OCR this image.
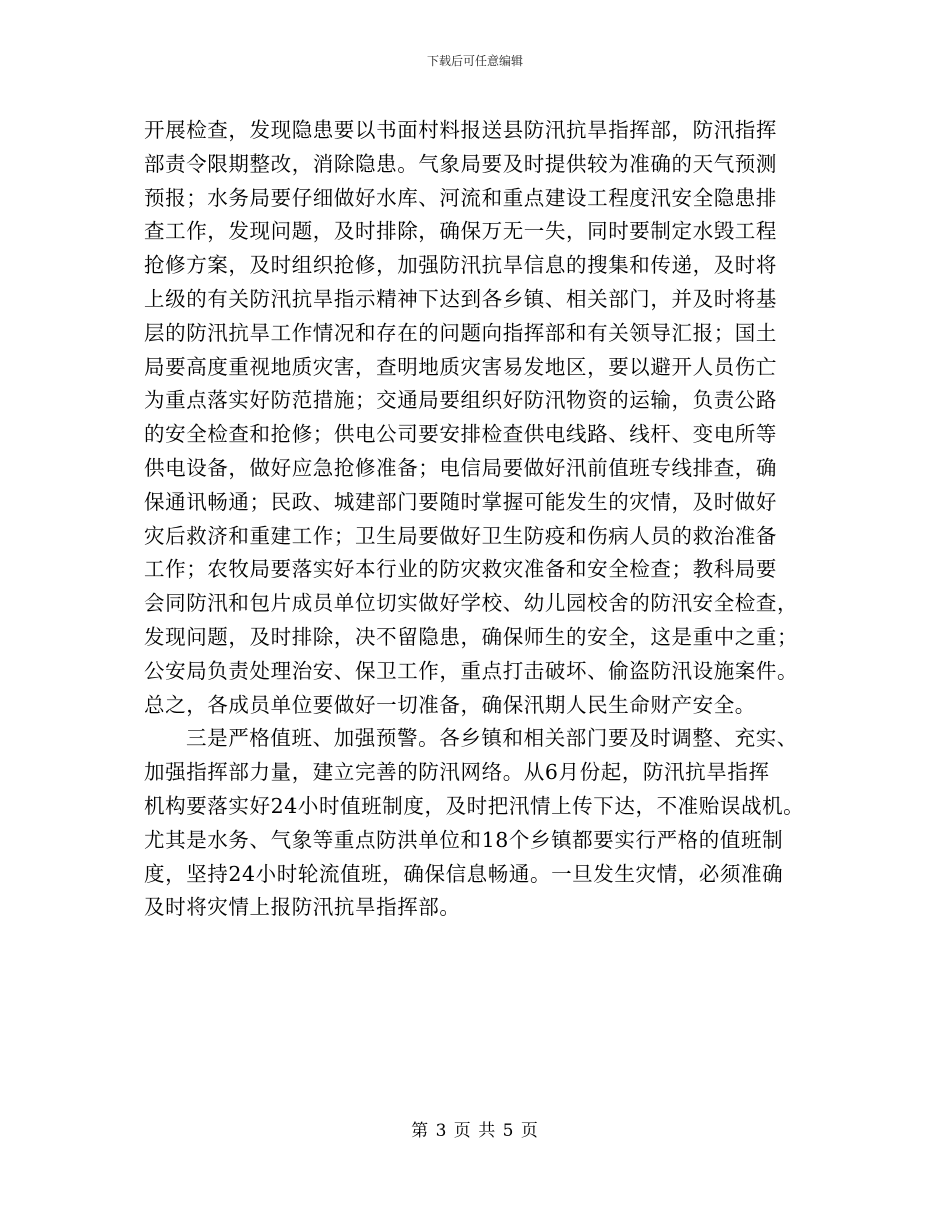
下载后可任意编辑
开展检查，发现隐患要以书面村料报送县防汛抗旱指挥部，防汛指挥
部责令限期整改，消除隐患。气象局要及时提供较为准确的天气预测
预报；水务局要仔细做好水库、河流和重点建设工程度汛安全隐患排
查工作，发现问题，及时排除，确保万无一失，同时要制定水毁工程
抢修方案，及时组织抢修，加强防汛抗旱信息的搜集和传递，及时将
上级的有关防汛抗旱指示精神下达到各乡镇、相关部门，并及时将基
层的防汛抗旱工作情况和存在的问题向指挥部和有关领导汇报；国土
局要高度重视地质灾害，查明地质灾害易发地区，要以避开人员伤亡
为重点落实好防范措施；交通局要组织好防汛物资的运输，负责公路
的安全检查和抢修；供电公司要安排检查供电线路、线杆、变电所等
供电设备，做好应急抢修准备；电信局要做好汛前值班专线排查，确
保通讯畅通；民政、城建部门要随时掌握可能发生的灾情，及时做好
灾后救济和重建工作；卫生局要做好卫生防疫和伤病人员的救治准备
工作；农牧局要落实好本行业的防灾救灾准备和安全检查；教科局要
会同防汛和包片成员单位切实做好学校、幼儿园校舍的防汛安全检查，
发现问题，及时排除，决不留隐患，确保师生的安全，这是重中之重；
公安局负责处理治安、保卫工作，重点打击破坏、偷盗防汛设施案件。
总之，各成员单位要做好一切准备，确保汛期人民生命财产安全。
三是严格值班、加强预警。各乡镇和相关部门要及时调整、充实、
加强指挥部力量，建立完善的防汛网络。从6月份起，防汛抗旱指挥
机构要落实好24小时值班制度，及时把汛情上传下达，不准贻误战机。
尤其是水务、气象等重点防洪单位和18个乡镇都要实行严格的值班制
度，坚持24小时轮流值班，确保信息畅通。一旦发生灾情，必须准确
及时将灾情上报防汛抗旱指挥部。
第 3 页 共 5 页
